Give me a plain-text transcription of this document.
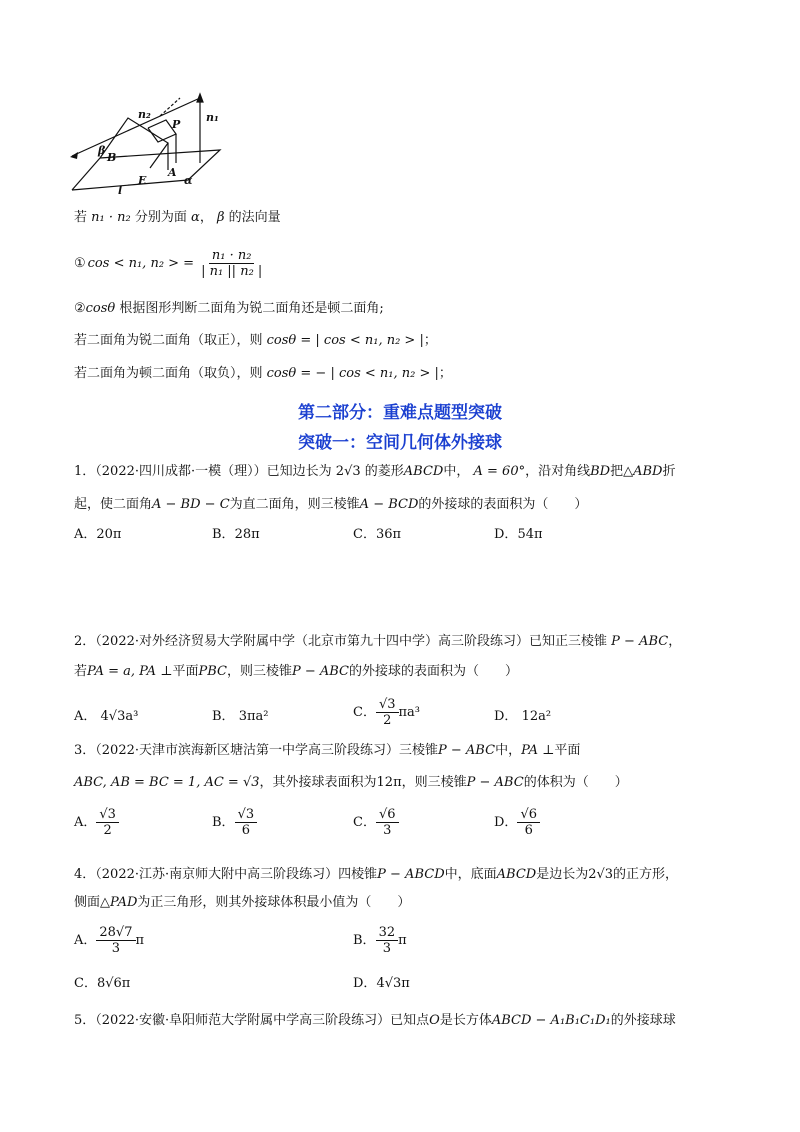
n₂	n₁
P
β
B
E
A
α
l
若 n₁ · n₂ 分别为面 α， β 的法向量
① cos < n₁, n₂ > = $\frac{\text{n₁ · n₂}}{\text{| n₁ || n₂ |}}$
②cosθ 根据图形判断二面角为锐二面角还是顿二面角;
若二面角为锐二面角（取正），则 cosθ = | cos < n₁, n₂ > |；
若二面角为顿二面角（取负），则 cosθ = − | cos < n₁, n₂ > |；
第二部分：重难点题型突破
突破一：空间几何体外接球
1．（2022·四川成都·一模（理））已知边长为 2√3 的菱形ABCD中， A = 60°，沿对角线BD把△ABD折
起，使二面角A − BD − C为直二面角，则三棱锥A − BCD的外接球的表面积为（　　）
A．20π	B．28π	C．36π	D．54π
2．（2022·对外经济贸易大学附属中学（北京市第九十四中学）高三阶段练习）已知正三棱锥 P − ABC，
若PA = a, PA ⊥平面PBC，则三棱锥P − ABC的外接球的表面积为（　　）
A． 4√3a³	B． 3πa²	C． $\frac{√3}{2} \pi a^3$	D． 12a²
3．（2022·天津市滨海新区塘沽第一中学高三阶段练习）三棱锥P − ABC中，PA ⊥平面
ABC, AB = BC = 1, AC = √3，其外接球表面积为12π，则三棱锥P − ABC的体积为（　　）
A． $\frac{√3}{2}$	B． $\frac{√3}{6}$	C． $\frac{√6}{3}$	D． $\frac{√6}{6}$
4．（2022·江苏·南京师大附中高三阶段练习）四棱锥P − ABCD中，底面ABCD是边长为2√3的正方形，
侧面△PAD为正三角形，则其外接球体积最小值为（　　）
A． $\frac{28√7}{3}$ π	B． $\frac{32}{3}$ π
C．8√6π	D．4√3π
5．（2022·安徽·阜阳师范大学附属中学高三阶段练习）已知点O是长方体ABCD − A₁B₁C₁D₁的外接球球
